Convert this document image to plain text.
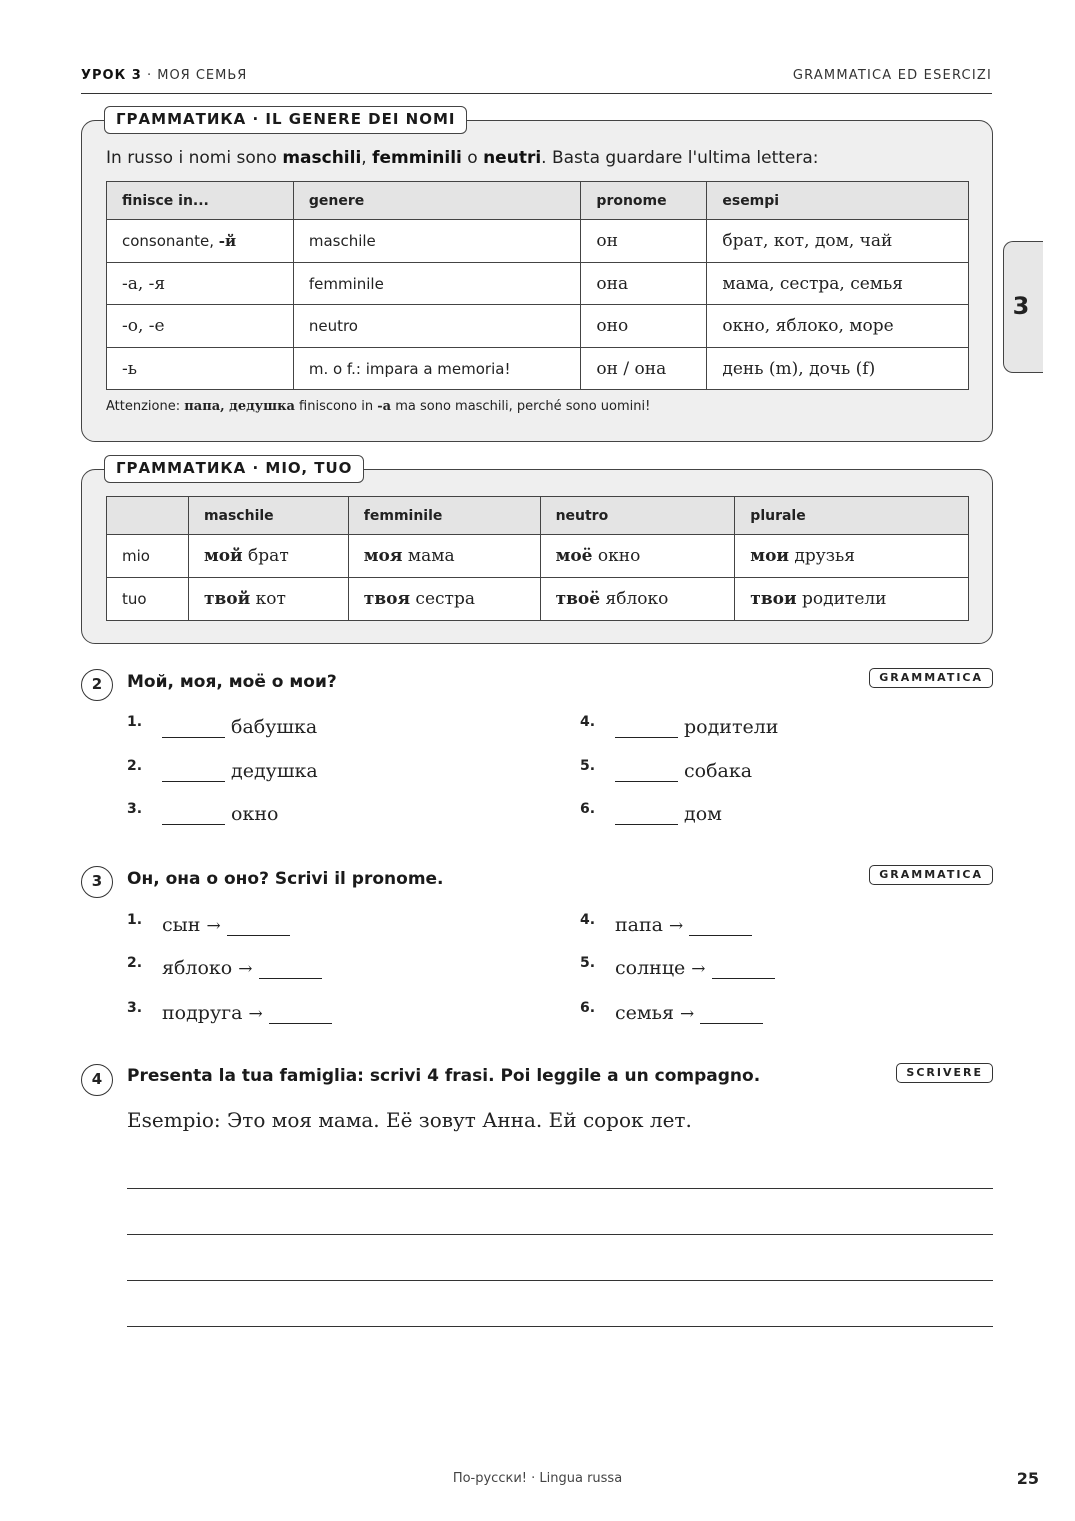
УРОК 3 · МОЯ СЕМЬЯ	GRAMMATICA ED ESERCIZI
3
ГРАММАТИКА · IL GENERE DEI NOMI
In russo i nomi sono maschili, femminili o neutri. Basta guardare l'ultima lettera:
finisce in...	genere	pronome	esempi
consonante, -й	maschile	он	брат, кот, дом, чай
-а, -я	femminile	она	мама, сестра, семья
-о, -е	neutro	оно	окно, яблоко, море
-ь	m. o f.: impara a memoria!	он / она	день (m), дочь (f)
Attenzione: папа, дедушка finiscono in -а ma sono maschili, perché sono uomini!
ГРАММАТИКА · MIO, TUO
	maschile	femminile	neutro	plurale
mio	мой брат	моя мама	моё окно	мои друзья
tuo	твой кот	твоя сестра	твоё яблоко	твои родители
2	Мой, моя, моё o мои?	GRAMMATICA
1.	бабушка
2.	дедушка
3.	окно
4.	родители
5.	собака
6.	дом
3	Он, она o оно? Scrivi il pronome.	GRAMMATICA
1. сын →
2. яблоко →
3. подруга →
4. папа →
5. солнце →
6. семья →
4	Presenta la tua famiglia: scrivi 4 frasi. Poi leggile a un compagno.	SCRIVERE
Esempio: Это моя мама. Её зовут Анна. Ей сорок лет.
По-русски! · Lingua russa	25
